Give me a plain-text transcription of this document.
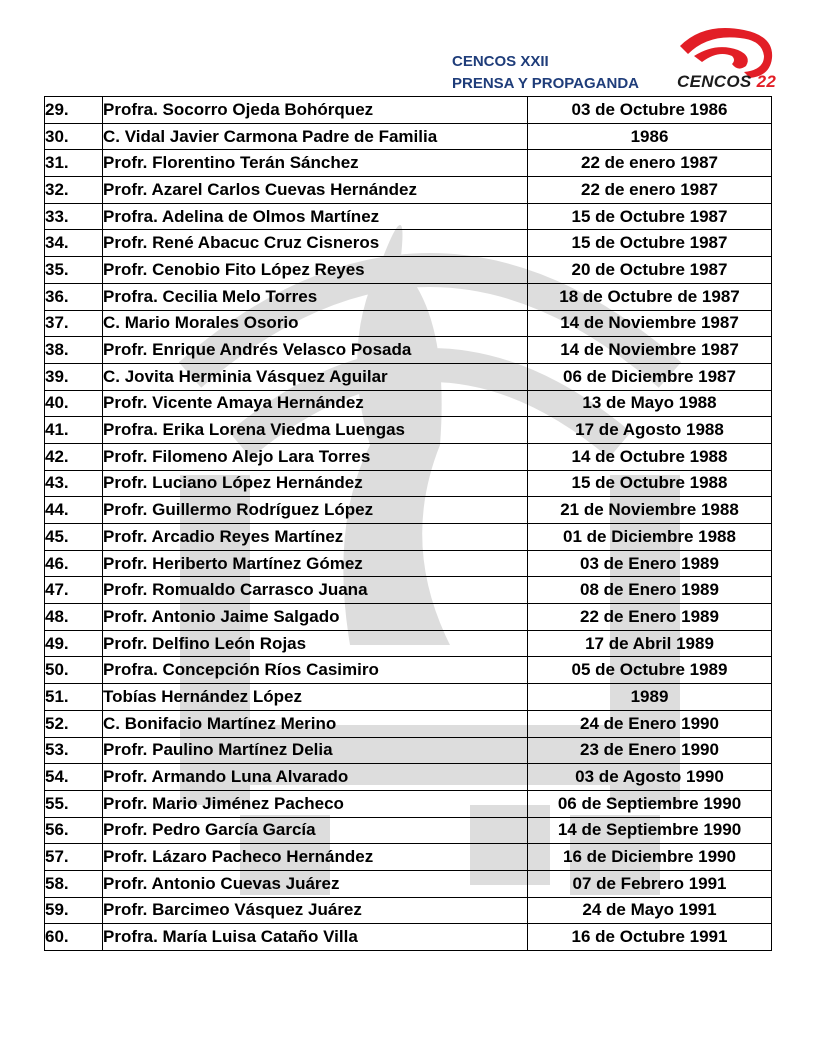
CENCOS XXII
PRENSA Y PROPAGANDA CENCOS 22
29.	Profra. Socorro Ojeda Bohórquez	03 de Octubre 1986
30.	C. Vidal Javier Carmona Padre de Familia	1986
31.	Profr. Florentino Terán Sánchez	22 de enero 1987
32.	Profr. Azarel Carlos Cuevas Hernández	22 de enero 1987
33.	Profra. Adelina de Olmos Martínez	15 de Octubre 1987
34.	Profr. René Abacuc Cruz Cisneros	15 de Octubre 1987
35.	Profr. Cenobio Fito López Reyes	20 de Octubre 1987
36.	Profra. Cecilia Melo Torres	18 de Octubre de 1987
37.	C. Mario Morales Osorio	14 de Noviembre 1987
38.	Profr. Enrique Andrés Velasco Posada	14 de Noviembre 1987
39.	C. Jovita Herminia Vásquez Aguilar	06 de Diciembre 1987
40.	Profr. Vicente Amaya Hernández	13 de Mayo 1988
41.	Profra. Erika Lorena Viedma Luengas	17 de Agosto 1988
42.	Profr. Filomeno Alejo Lara Torres	14 de Octubre 1988
43.	Profr. Luciano López Hernández	15 de Octubre 1988
44.	Profr. Guillermo Rodríguez López	21 de Noviembre 1988
45.	Profr. Arcadio Reyes Martínez	01 de Diciembre 1988
46.	Profr. Heriberto Martínez Gómez	03 de Enero 1989
47.	Profr. Romualdo Carrasco Juana	08 de Enero 1989
48.	Profr. Antonio Jaime Salgado	22 de Enero 1989
49.	Profr. Delfino León Rojas	17 de Abril 1989
50.	Profra. Concepción Ríos Casimiro	05 de Octubre 1989
51.	Tobías Hernández López	1989
52.	C. Bonifacio Martínez Merino	24 de Enero 1990
53.	Profr. Paulino Martínez Delia	23 de Enero 1990
54.	Profr. Armando Luna Alvarado	03 de Agosto 1990
55.	Profr. Mario Jiménez Pacheco	06 de Septiembre 1990
56.	Profr. Pedro García García	14 de Septiembre 1990
57.	Profr. Lázaro Pacheco Hernández	16 de Diciembre 1990
58.	Profr. Antonio Cuevas Juárez	07 de Febrero 1991
59.	Profr. Barcimeo Vásquez Juárez	24 de Mayo 1991
60.	Profra. María Luisa Cataño Villa	16 de Octubre 1991
